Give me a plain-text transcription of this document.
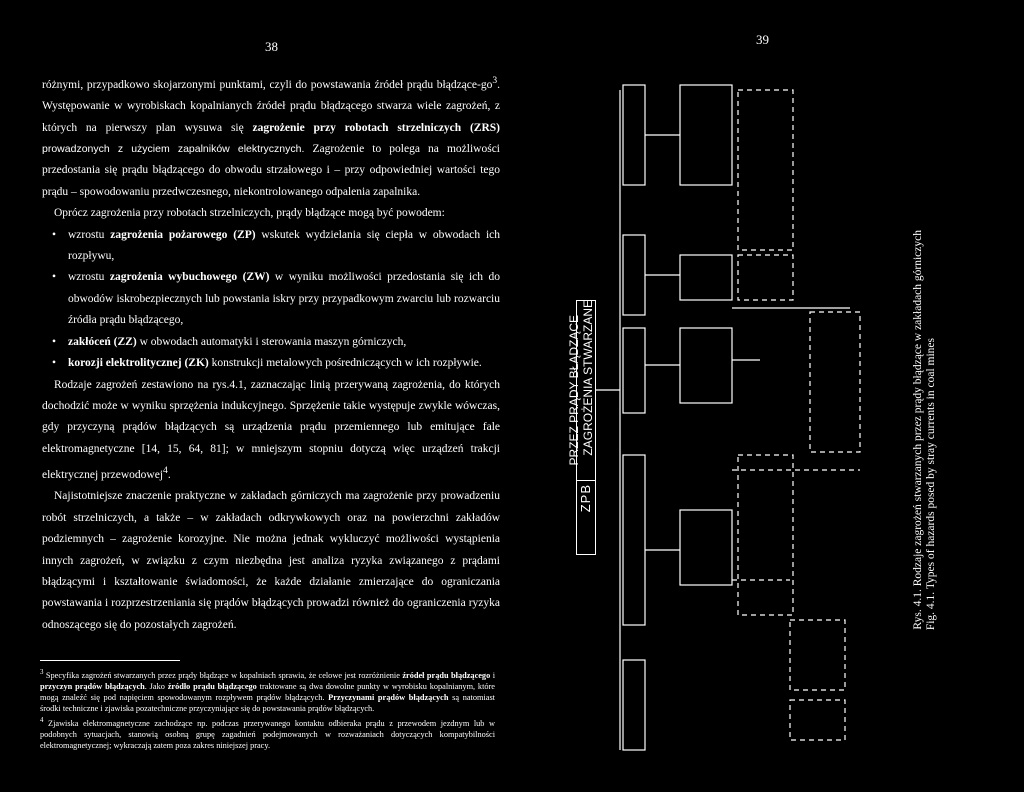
38	39

różnymi, przypadkowo skojarzonymi punktami, czyli do powstawania źródeł prądu błądzące-$go^3$. Występowanie w wyrobiskach kopalnianych źródeł prądu błądzącego stwarza wiele zagrożeń, z których na pierwszy plan wysuwa się zagrożenie przy robotach strzelniczych (ZRS) prowadzonych z użyciem zapalników elektrycznych. Zagrożenie to polega na możliwości przedostania się prądu błądzącego do obwodu strzałowego i – przy odpowiedniej wartości tego prądu – spowodowaniu przedwczesnego, niekontrolowanego odpalenia zapalnika.

Oprócz zagrożenia przy robotach strzelniczych, prądy błądzące mogą być powodem:

• wzrostu zagrożenia pożarowego (ZP) wskutek wydzielania się ciepła w obwodach ich rozpływu,
• wzrostu zagrożenia wybuchowego (ZW) w wyniku możliwości przedostania się ich do obwodów iskrobezpiecznych lub powstania iskry przy przypadkowym zwarciu lub rozwarciu źródła prądu błądzącego,
• zakłóceń (ZZ) w obwodach automatyki i sterowania maszyn górniczych,
• korozji elektrolitycznej (ZK) konstrukcji metalowych pośredniczących w ich rozpływie.

Rodzaje zagrożeń zestawiono na rys.4.1, zaznaczając linią przerywaną zagrożenia, do których dochodzić może w wyniku sprzężenia indukcyjnego. Sprzężenie takie występuje zwykle wówczas, gdy przyczyną prądów błądzących są urządzenia prądu przemiennego lub emitujące fale elektromagnetyczne [14, 15, 64, 81]; w mniejszym stopniu dotyczą więc urządzeń trakcji elektrycznej przewodowej$^4$.

Najistotniejsze znaczenie praktyczne w zakładach górniczych ma zagrożenie przy prowadzeniu robót strzelniczych, a także – w zakładach odkrywkowych oraz na powierzchni zakładów podziemnych – zagrożenie korozyjne. Nie można jednak wykluczyć możliwości wystąpienia innych zagrożeń, w związku z czym niezbędna jest analiza ryzyka związanego z prądami błądzącymi i kształtowanie świadomości, że każde działanie zmierzające do ograniczania powstawania i rozprzestrzeniania się prądów błądzących prowadzi również do ograniczenia ryzyka odnoszącego się do pozostałych zagrożeń.

$^3$ Specyfika zagrożeń stwarzanych przez prądy błądzące w kopalniach sprawia, że celowe jest rozróżnienie źródeł prądu błądzącego i przyczyn prądów błądzących. Jako źródło prądu błądzącego traktowane są dwa dowolne punkty w wyrobisku kopalnianym, które mogą znaleźć się pod napięciem spowodowanym rozpływem prądów błądzących. Przyczynami prądów błądzących są natomiast środki techniczne i zjawiska pozatechniczne przyczyniające się do powstawania prądów błądzących.

$^4$ Zjawiska elektromagnetyczne zachodzące np. podczas przerywanego kontaktu odbieraka prądu z przewodem jezdnym lub w podobnych sytuacjach, stanowią osobną grupę zagadnień podejmowanych w rozważaniach dotyczących kompatybilności elektromagnetycznej; wykraczają zatem poza zakres niniejszej pracy.

ZPB
ZAGROŻENIA STWARZANE
PRZEZ PRĄDY BŁĄDZĄCE	Rys. 4.1. Rodzaje zagrożeń stwarzanych przez prądy błądzące w zakładach górniczych Fig. 4.1. Types of hazards posed by stray currents in coal mines
